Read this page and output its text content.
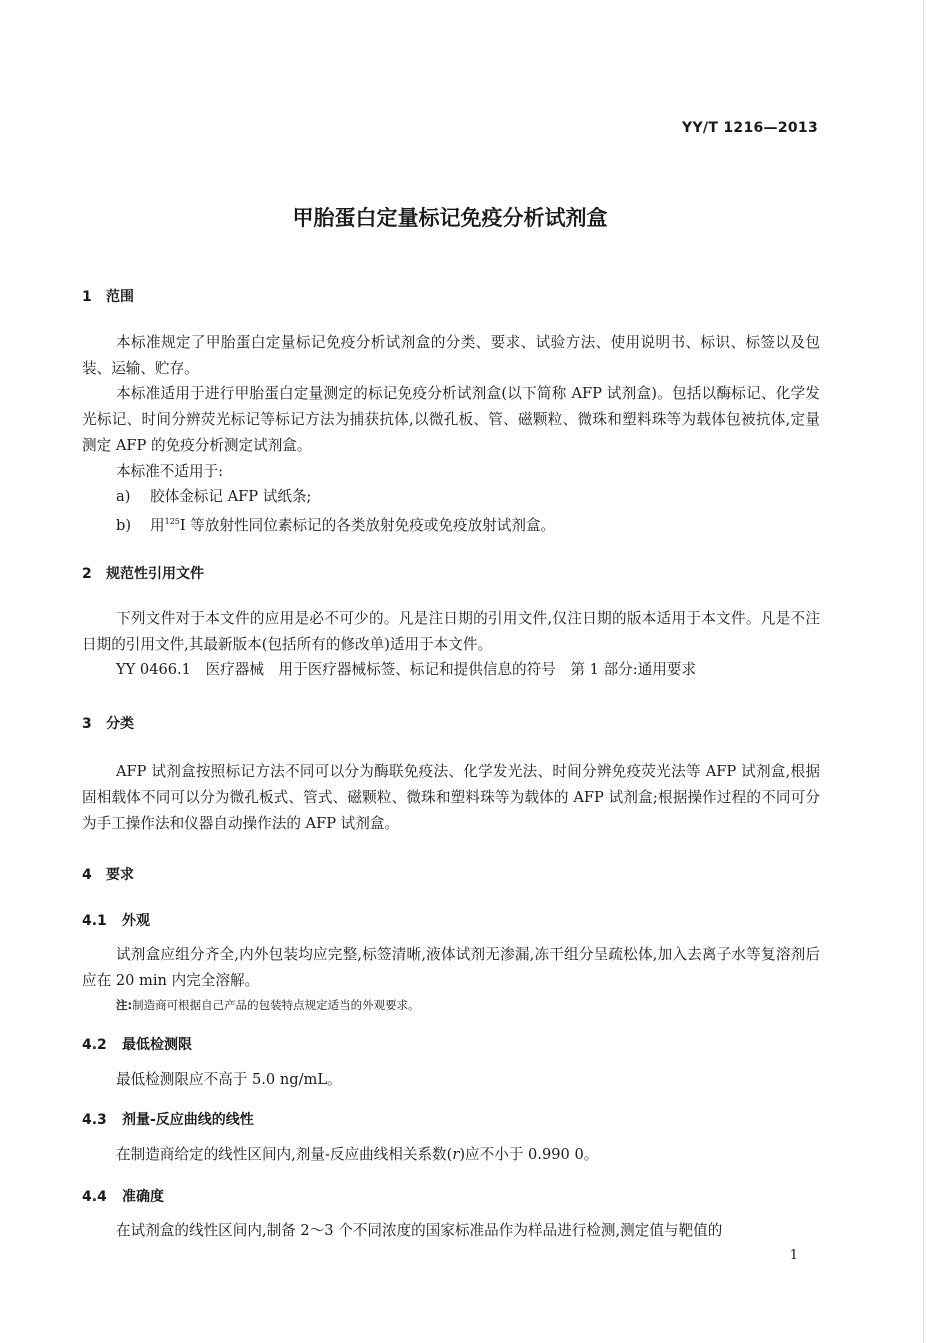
YY/T 1216—2013
甲胎蛋白定量标记免疫分析试剂盒
1 范围

本标准规定了甲胎蛋白定量标记免疫分析试剂盒的分类、要求、试验方法、使用说明书、标识、标签以及包装、运输、贮存。

本标准适用于进行甲胎蛋白定量测定的标记免疫分析试剂盒(以下简称 AFP 试剂盒)。包括以酶标记、化学发光标记、时间分辨荧光标记等标记方法为捕获抗体,以微孔板、管、磁颗粒、微珠和塑料珠等为载体包被抗体,定量测定 AFP 的免疫分析测定试剂盒。

本标准不适用于:
a) 胶体金标记 AFP 试纸条;
b) 用$^{125}$I 等放射性同位素标记的各类放射免疫或免疫放射试剂盒。
2 规范性引用文件

下列文件对于本文件的应用是必不可少的。凡是注日期的引用文件,仅注日期的版本适用于本文件。凡是不注日期的引用文件,其最新版本(包括所有的修改单)适用于本文件。

YY 0466.1　医疗器械　用于医疗器械标签、标记和提供信息的符号　第 1 部分:通用要求
3 分类

AFP 试剂盒按照标记方法不同可以分为酶联免疫法、化学发光法、时间分辨免疫荧光法等 AFP 试剂盒,根据固相载体不同可以分为微孔板式、管式、磁颗粒、微珠和塑料珠等为载体的 AFP 试剂盒;根据操作过程的不同可分为手工操作法和仪器自动操作法的 AFP 试剂盒。

4 要求
4.1 外观

试剂盒应组分齐全,内外包装均应完整,标签清晰,液体试剂无渗漏,冻干组分呈疏松体,加入去离子水等复溶剂后应在 20 min 内完全溶解。

注:制造商可根据自己产品的包装特点规定适当的外观要求。
4.2 最低检测限
最低检测限应不高于 5.0 ng/mL。
4.3 剂量-反应曲线的线性
在制造商给定的线性区间内,剂量-反应曲线相关系数(r)应不小于 0.990 0。
4.4 准确度
在试剂盒的线性区间内,制备 2～3 个不同浓度的国家标准品作为样品进行检测,测定值与靶值的
1
